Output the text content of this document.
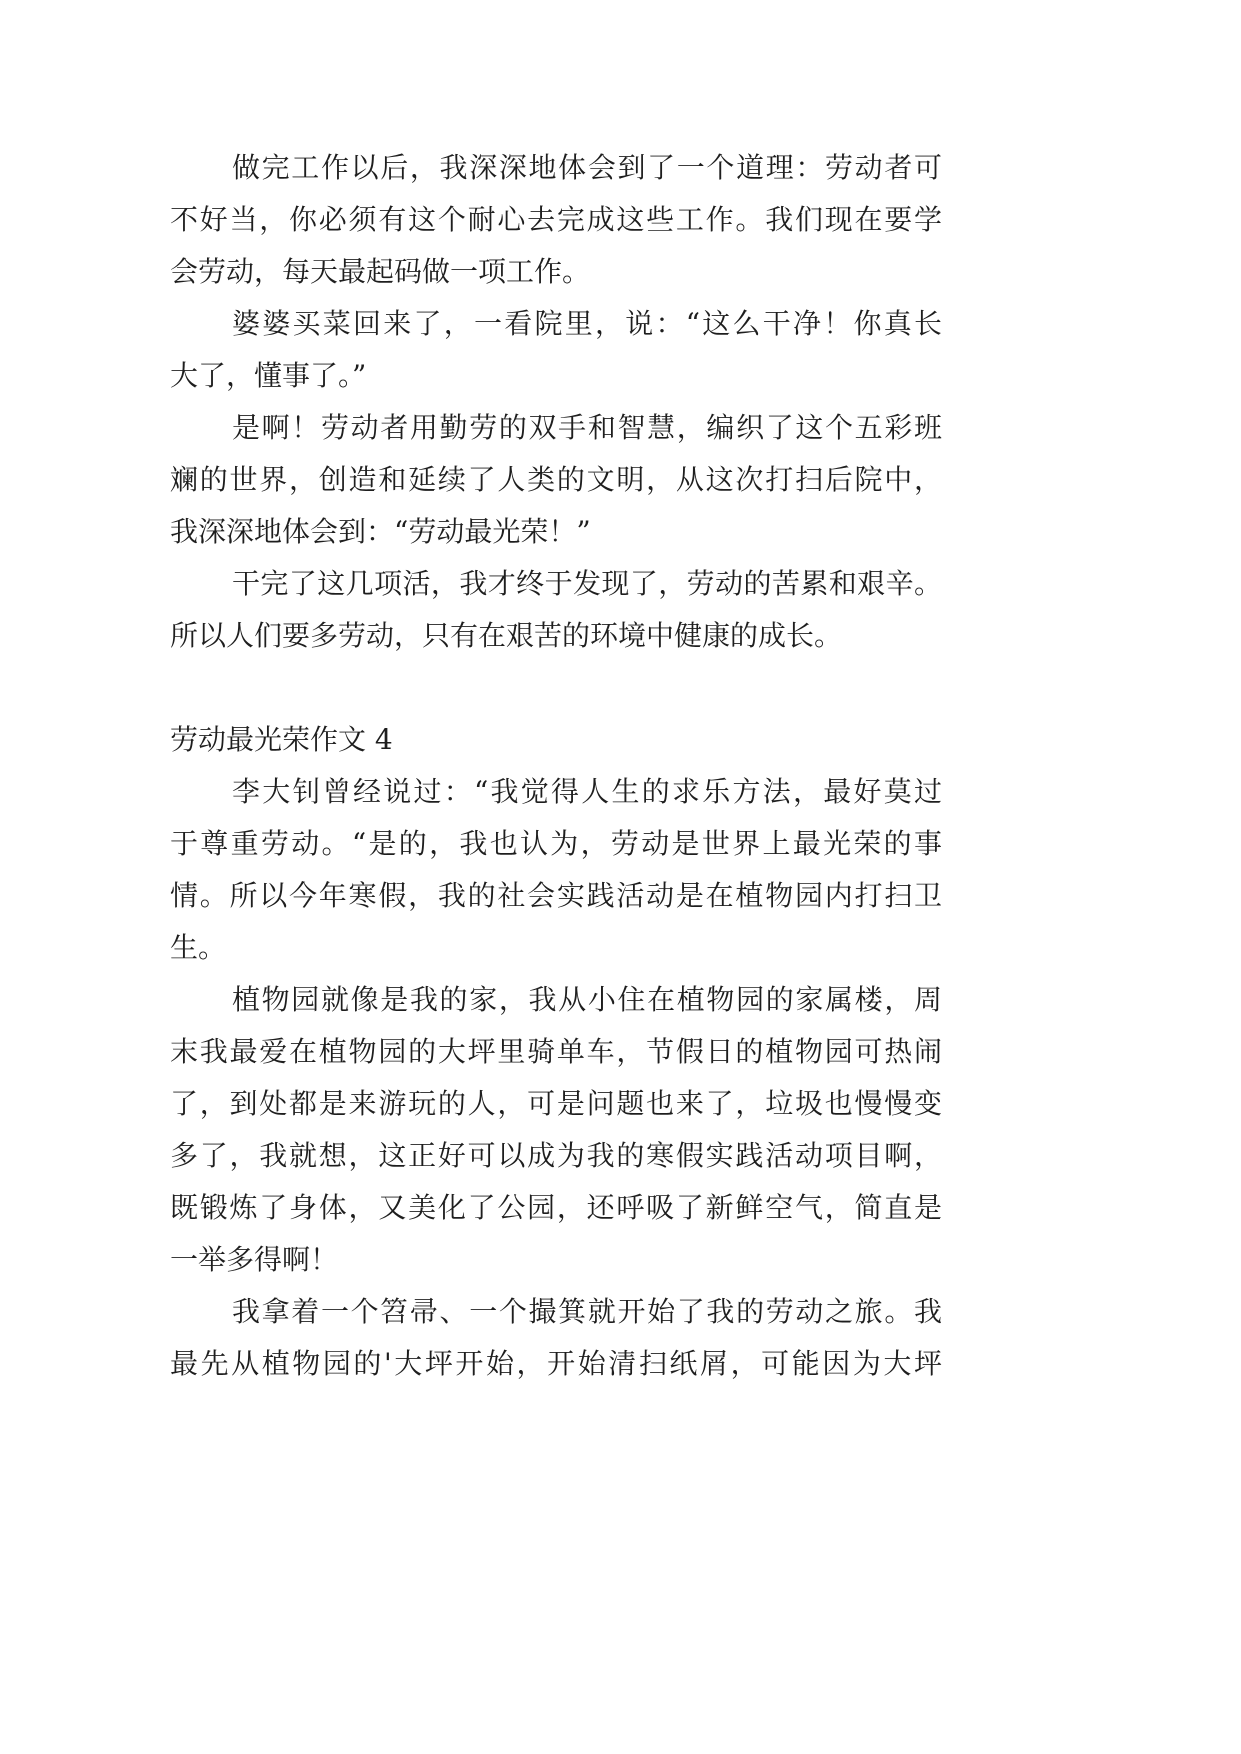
做完工作以后，我深深地体会到了一个道理：劳动者可
不好当，你必须有这个耐心去完成这些工作。我们现在要学
会劳动，每天最起码做一项工作。
婆婆买菜回来了，一看院里，说：“这么干净！你真长
大了，懂事了。”
是啊！劳动者用勤劳的双手和智慧，编织了这个五彩班
斓的世界，创造和延续了人类的文明，从这次打扫后院中，
我深深地体会到：“劳动最光荣！”
干完了这几项活，我才终于发现了，劳动的苦累和艰辛。
所以人们要多劳动，只有在艰苦的环境中健康的成长。
劳动最光荣作文 4
李大钊曾经说过：“我觉得人生的求乐方法，最好莫过
于尊重劳动。“是的，我也认为，劳动是世界上最光荣的事
情。所以今年寒假，我的社会实践活动是在植物园内打扫卫
生。
植物园就像是我的家，我从小住在植物园的家属楼，周
末我最爱在植物园的大坪里骑单车，节假日的植物园可热闹
了，到处都是来游玩的人，可是问题也来了，垃圾也慢慢变
多了，我就想，这正好可以成为我的寒假实践活动项目啊，
既锻炼了身体，又美化了公园，还呼吸了新鲜空气，简直是
一举多得啊！
我拿着一个笤帚、一个撮箕就开始了我的劳动之旅。我
最先从植物园的'大坪开始，开始清扫纸屑，可能因为大坪
